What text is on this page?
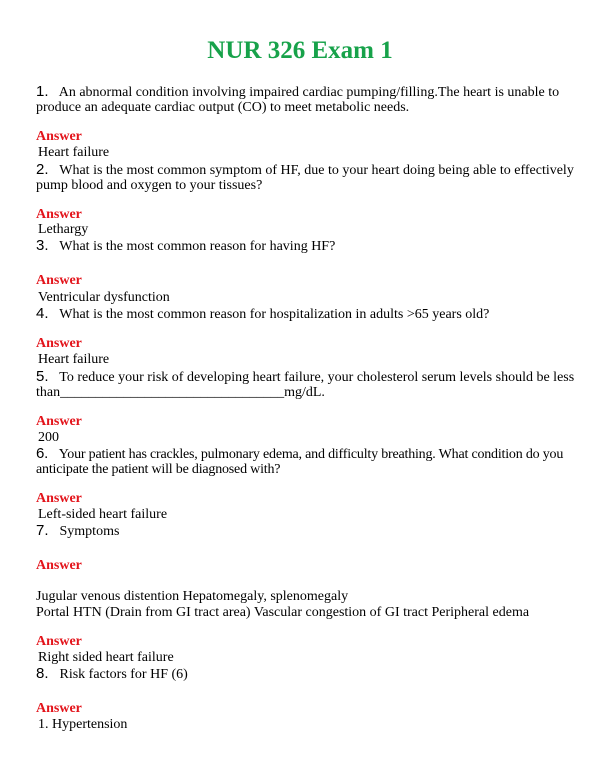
NUR 326 Exam 1
1. An abnormal condition involving impaired cardiac pumping/filling.The heart is unable to
produce an adequate cardiac output (CO) to meet metabolic needs.
Answer
Heart failure
2. What is the most common symptom of HF, due to your heart doing being able to effectively
pump blood and oxygen to your tissues?
Answer
Lethargy
3. What is the most common reason for having HF?
Answer
Ventricular dysfunction
4. What is the most common reason for hospitalization in adults >65 years old?
Answer
Heart failure
5. To reduce your risk of developing heart failure, your cholesterol serum levels should be less
than________________________________mg/dL.
Answer
200
6. Your patient has crackles, pulmonary edema, and difficulty breathing. What condition do you
anticipate the patient will be diagnosed with?
Answer
Left-sided heart failure
7. Symptoms
Answer
Jugular venous distention Hepatomegaly, splenomegaly
Portal HTN (Drain from GI tract area) Vascular congestion of GI tract Peripheral edema
Answer
Right sided heart failure
8. Risk factors for HF (6)
Answer
1. Hypertension
